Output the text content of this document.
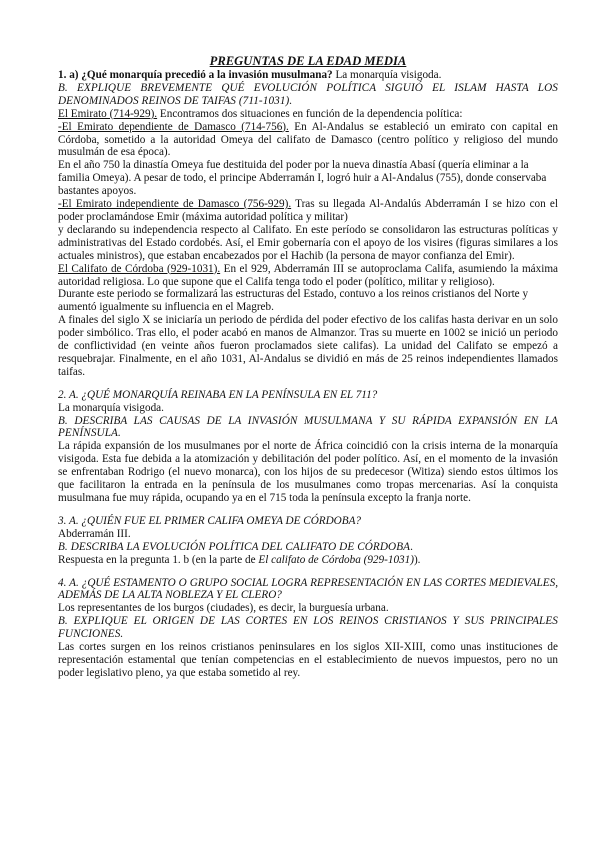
PREGUNTAS DE LA EDAD MEDIA

1. a) ¿Qué monarquía precedió a la invasión musulmana? La monarquía visigoda.

B. EXPLIQUE BREVEMENTE QUÉ EVOLUCIÓN POLÍTICA SIGUIÓ EL ISLAM HASTA LOS DENOMINADOS REINOS DE TAIFAS (711-1031).

El Emirato (714-929). Encontramos dos situaciones en función de la dependencia política:

-El Emirato dependiente de Damasco (714-756). En Al-Andalus se estableció un emirato con capital en Córdoba, sometido a la autoridad Omeya del califato de Damasco (centro político y religioso del mundo musulmán de esa época).

En el año 750 la dinastía Omeya fue destituida del poder por la nueva dinastía Abasí (quería eliminar a la familia Omeya). A pesar de todo, el principe Abderramán I, logró huir a Al-Andalus (755), donde conservaba bastantes apoyos.

-El Emirato independiente de Damasco (756-929). Tras su llegada Al-Andalús Abderramán I se hizo con el poder proclamándose Emir (máxima autoridad política y militar)

y declarando su independencia respecto al Califato. En este período se consolidaron las estructuras políticas y administrativas del Estado cordobés. Así, el Emir gobernaría con el apoyo de los visires (figuras similares a los actuales ministros), que estaban encabezados por el Hachib (la persona de mayor confianza del Emir).

El Califato de Córdoba (929-1031). En el 929, Abderramán III se autoproclama Califa, asumiendo la máxima autoridad religiosa. Lo que supone que el Califa tenga todo el poder (político, militar y religioso).

Durante este periodo se formalizará las estructuras del Estado, contuvo a los reinos cristianos del Norte y aumentó igualmente su influencia en el Magreb.

A finales del siglo X se iniciaría un periodo de pérdida del poder efectivo de los califas hasta derivar en un solo poder simbólico. Tras ello, el poder acabó en manos de Almanzor. Tras su muerte en 1002 se inició un periodo de conflictividad (en veinte años fueron proclamados siete califas). La unidad del Califato se empezó a resquebrajar. Finalmente, en el año 1031, Al-Andalus se dividió en más de 25 reinos independientes llamados taifas.

2. A. ¿QUÉ MONARQUÍA REINABA EN LA PENÍNSULA EN EL 711?

La monarquía visigoda.

B. DESCRIBA LAS CAUSAS DE LA INVASIÓN MUSULMANA Y SU RÁPIDA EXPANSIÓN EN LA PENÍNSULA.

La rápida expansión de los musulmanes por el norte de África coincidió con la crisis interna de la monarquía visigoda. Esta fue debida a la atomización y debilitación del poder político. Así, en el momento de la invasión se enfrentaban Rodrigo (el nuevo monarca), con los hijos de su predecesor (Witiza) siendo estos últimos los que facilitaron la entrada en la península de los musulmanes como tropas mercenarias. Así la conquista musulmana fue muy rápida, ocupando ya en el 715 toda la península excepto la franja norte.

3. A. ¿QUIÉN FUE EL PRIMER CALIFA OMEYA DE CÓRDOBA?

Abderramán III.

B. DESCRIBA LA EVOLUCIÓN POLÍTICA DEL CALIFATO DE CÓRDOBA.

Respuesta en la pregunta 1. b (en la parte de El califato de Córdoba (929-1031)).

4. A. ¿QUÉ ESTAMENTO O GRUPO SOCIAL LOGRA REPRESENTACIÓN EN LAS CORTES MEDIEVALES, ADEMÁS DE LA ALTA NOBLEZA Y EL CLERO?

Los representantes de los burgos (ciudades), es decir, la burguesía urbana.

B. EXPLIQUE EL ORIGEN DE LAS CORTES EN LOS REINOS CRISTIANOS Y SUS PRINCIPALES FUNCIONES.

Las cortes surgen en los reinos cristianos peninsulares en los siglos XII-XIII, como unas instituciones de representación estamental que tenían competencias en el establecimiento de nuevos impuestos, pero no un poder legislativo pleno, ya que estaba sometido al rey.
